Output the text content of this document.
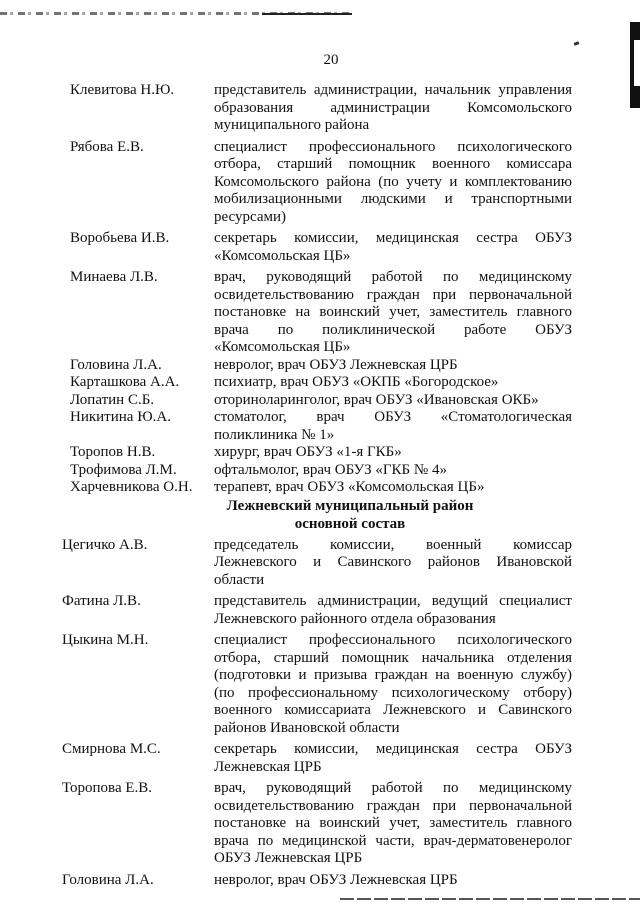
20
Клевитова Н.Ю.	представитель администрации, начальник управления образования администрации Комсомольского муниципального района
Рябова Е.В.	специалист профессионального психологического отбора, старший помощник военного комиссара Комсомольского района (по учету и комплектованию мобилизационными людскими и транспортными ресурсами)
Воробьева И.В.	секретарь комиссии, медицинская сестра ОБУЗ «Комсомольская ЦБ»
Минаева Л.В.	врач, руководящий работой по медицинскому освидетельствованию граждан при первоначальной постановке на воинский учет, заместитель главного врача по поликлинической работе ОБУЗ «Комсомольская ЦБ»
Головина Л.А.	невролог, врач ОБУЗ Лежневская ЦРБ
Карташкова А.А. психиатр, врач ОБУЗ «ОКПБ «Богородское»
Лопатин С.Б.	оториноларинголог, врач ОБУЗ «Ивановская ОКБ»
Никитина Ю.А.	стоматолог, врач ОБУЗ «Стоматологическая поликлиника № 1»
Торопов Н.В.	хирург, врач ОБУЗ «1-я ГКБ»
Трофимова Л.М. офтальмолог, врач ОБУЗ «ГКБ № 4»
Харчевникова О.Н. терапевт, врач ОБУЗ «Комсомольская ЦБ»
Лежневский муниципальный район
основной состав
Цегичко А.В.	председатель комиссии, военный комиссар Лежневского и Савинского районов Ивановской области
Фатина Л.В.	представитель администрации, ведущий специалист Лежневского районного отдела образования
Цыкина М.Н.	специалист профессионального психологического отбора, старший помощник начальника отделения (подготовки и призыва граждан на военную службу) (по профессиональному психологическому отбору) военного комиссариата Лежневского и Савинского районов Ивановской области
Смирнова М.С.	секретарь комиссии, медицинская сестра ОБУЗ Лежневская ЦРБ
Торопова Е.В.	врач, руководящий работой по медицинскому освидетельствованию граждан при первоначальной постановке на воинский учет, заместитель главного врача по медицинской части, врач-дерматовенеролог ОБУЗ Лежневская ЦРБ
Головина Л.А.	невролог, врач ОБУЗ Лежневская ЦРБ
